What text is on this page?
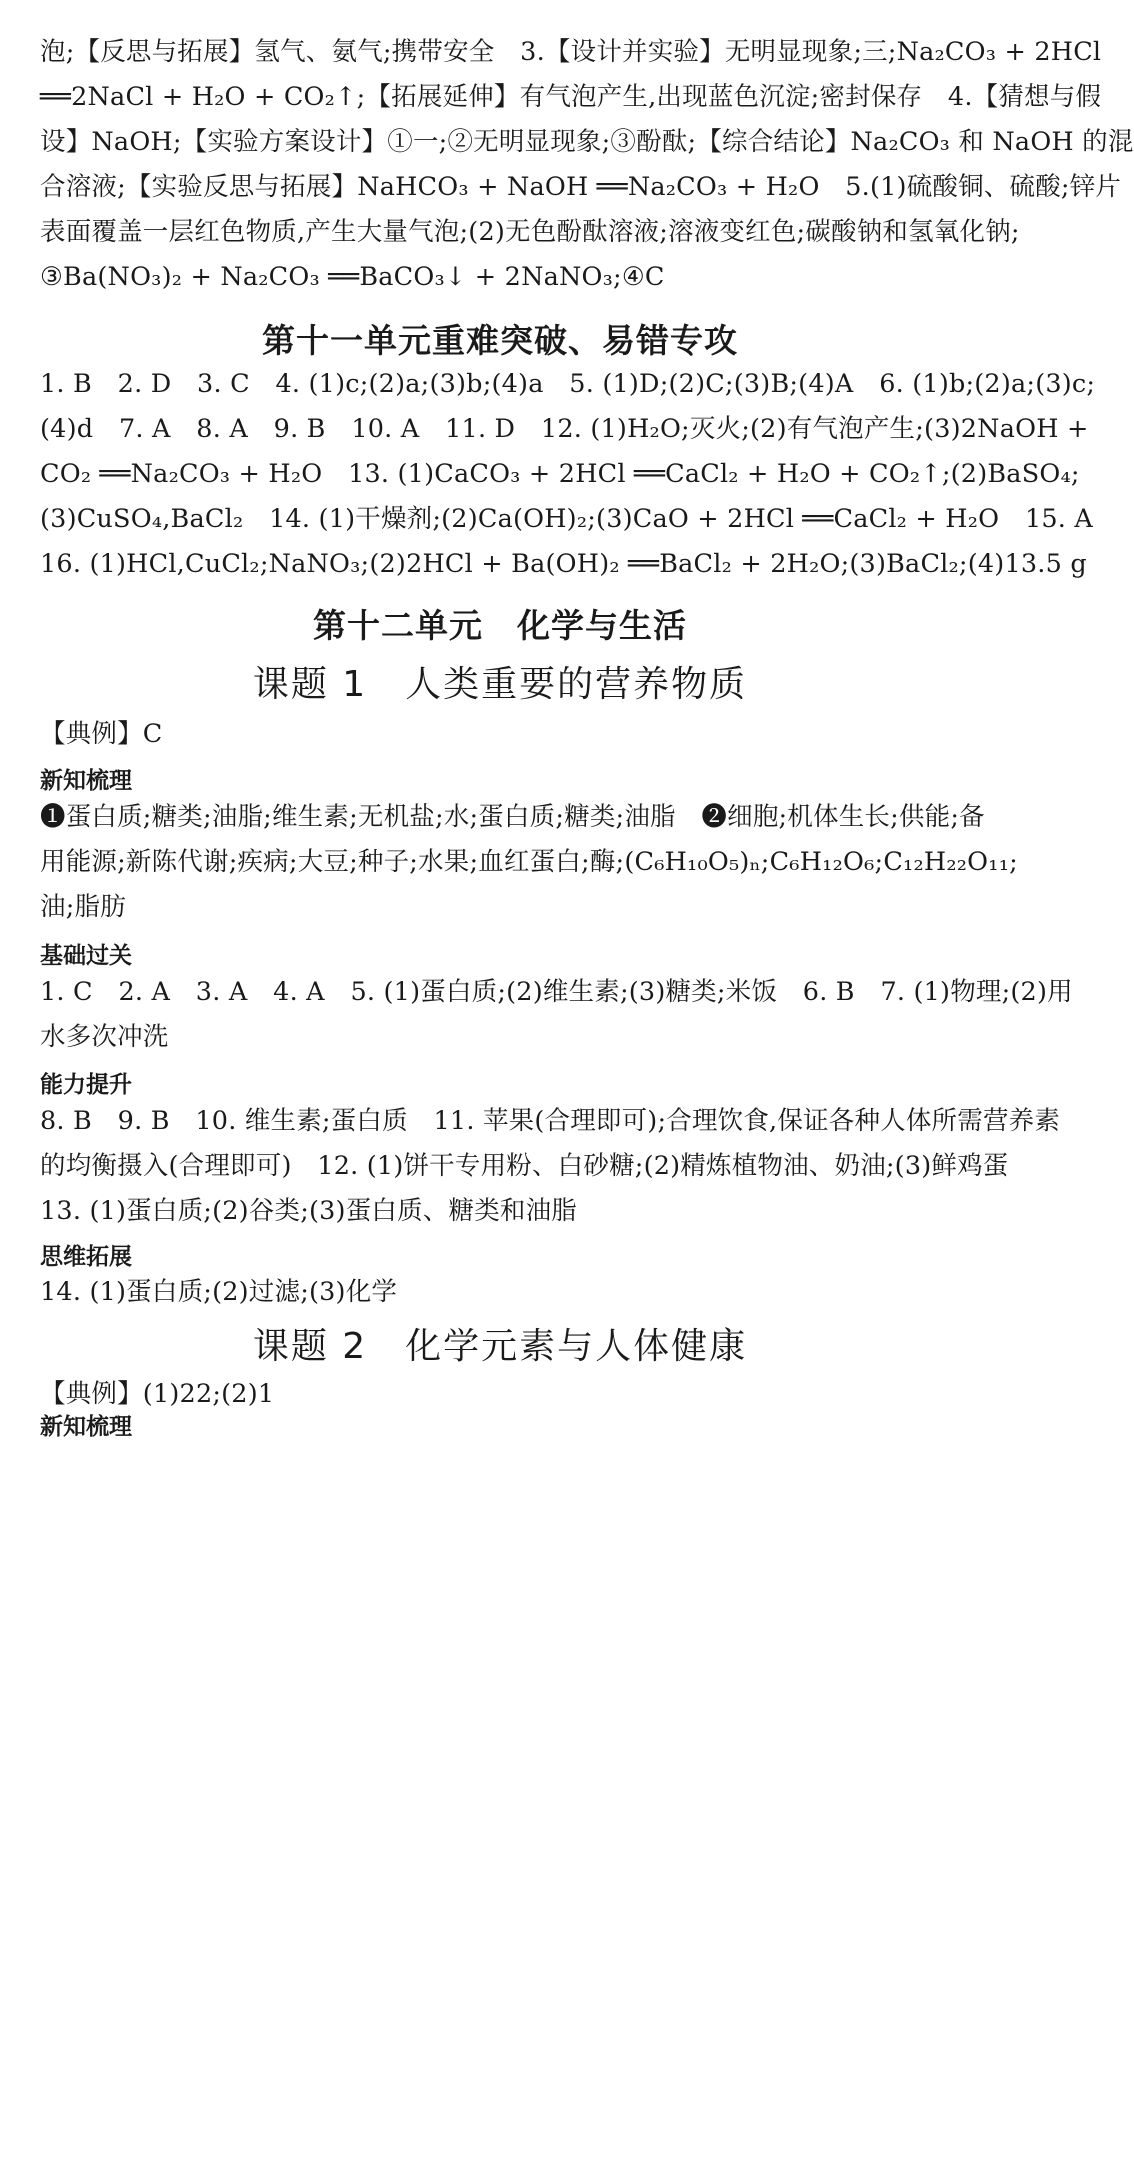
泡;【反思与拓展】氢气、氨气;携带安全　3.【设计并实验】无明显现象;三;Na₂CO₃ + 2HCl
══2NaCl + H₂O + CO₂↑;【拓展延伸】有气泡产生,出现蓝色沉淀;密封保存　4.【猜想与假
设】NaOH;【实验方案设计】①一;②无明显现象;③酚酞;【综合结论】Na₂CO₃ 和 NaOH 的混
合溶液;【实验反思与拓展】NaHCO₃ + NaOH ══Na₂CO₃ + H₂O　5.(1)硫酸铜、硫酸;锌片
表面覆盖一层红色物质,产生大量气泡;(2)无色酚酞溶液;溶液变红色;碳酸钠和氢氧化钠;
③Ba(NO₃)₂ + Na₂CO₃ ══BaCO₃↓ + 2NaNO₃;④C
第十一单元重难突破、易错专攻
1. B　2. D　3. C　4. (1)c;(2)a;(3)b;(4)a　5. (1)D;(2)C;(3)B;(4)A　6. (1)b;(2)a;(3)c;
(4)d　7. A　8. A　9. B　10. A　11. D　12. (1)H₂O;灭火;(2)有气泡产生;(3)2NaOH +
CO₂ ══Na₂CO₃ + H₂O　13. (1)CaCO₃ + 2HCl ══CaCl₂ + H₂O + CO₂↑;(2)BaSO₄;
(3)CuSO₄,BaCl₂　14. (1)干燥剂;(2)Ca(OH)₂;(3)CaO + 2HCl ══CaCl₂ + H₂O　15. A
16. (1)HCl,CuCl₂;NaNO₃;(2)2HCl + Ba(OH)₂ ══BaCl₂ + 2H₂O;(3)BaCl₂;(4)13.5 g
第十二单元　化学与生活
课题 1　人类重要的营养物质
【典例】C
新知梳理
❶蛋白质;糖类;油脂;维生素;无机盐;水;蛋白质;糖类;油脂　❷细胞;机体生长;供能;备
用能源;新陈代谢;疾病;大豆;种子;水果;血红蛋白;酶;(C₆H₁₀O₅)ₙ;C₆H₁₂O₆;C₁₂H₂₂O₁₁;
油;脂肪
基础过关
1. C　2. A　3. A　4. A　5. (1)蛋白质;(2)维生素;(3)糖类;米饭　6. B　7. (1)物理;(2)用
水多次冲洗
能力提升
8. B　9. B　10. 维生素;蛋白质　11. 苹果(合理即可);合理饮食,保证各种人体所需营养素
的均衡摄入(合理即可)　12. (1)饼干专用粉、白砂糖;(2)精炼植物油、奶油;(3)鲜鸡蛋
13. (1)蛋白质;(2)谷类;(3)蛋白质、糖类和油脂
思维拓展
14. (1)蛋白质;(2)过滤;(3)化学
课题 2　化学元素与人体健康
【典例】(1)22;(2)1
新知梳理
